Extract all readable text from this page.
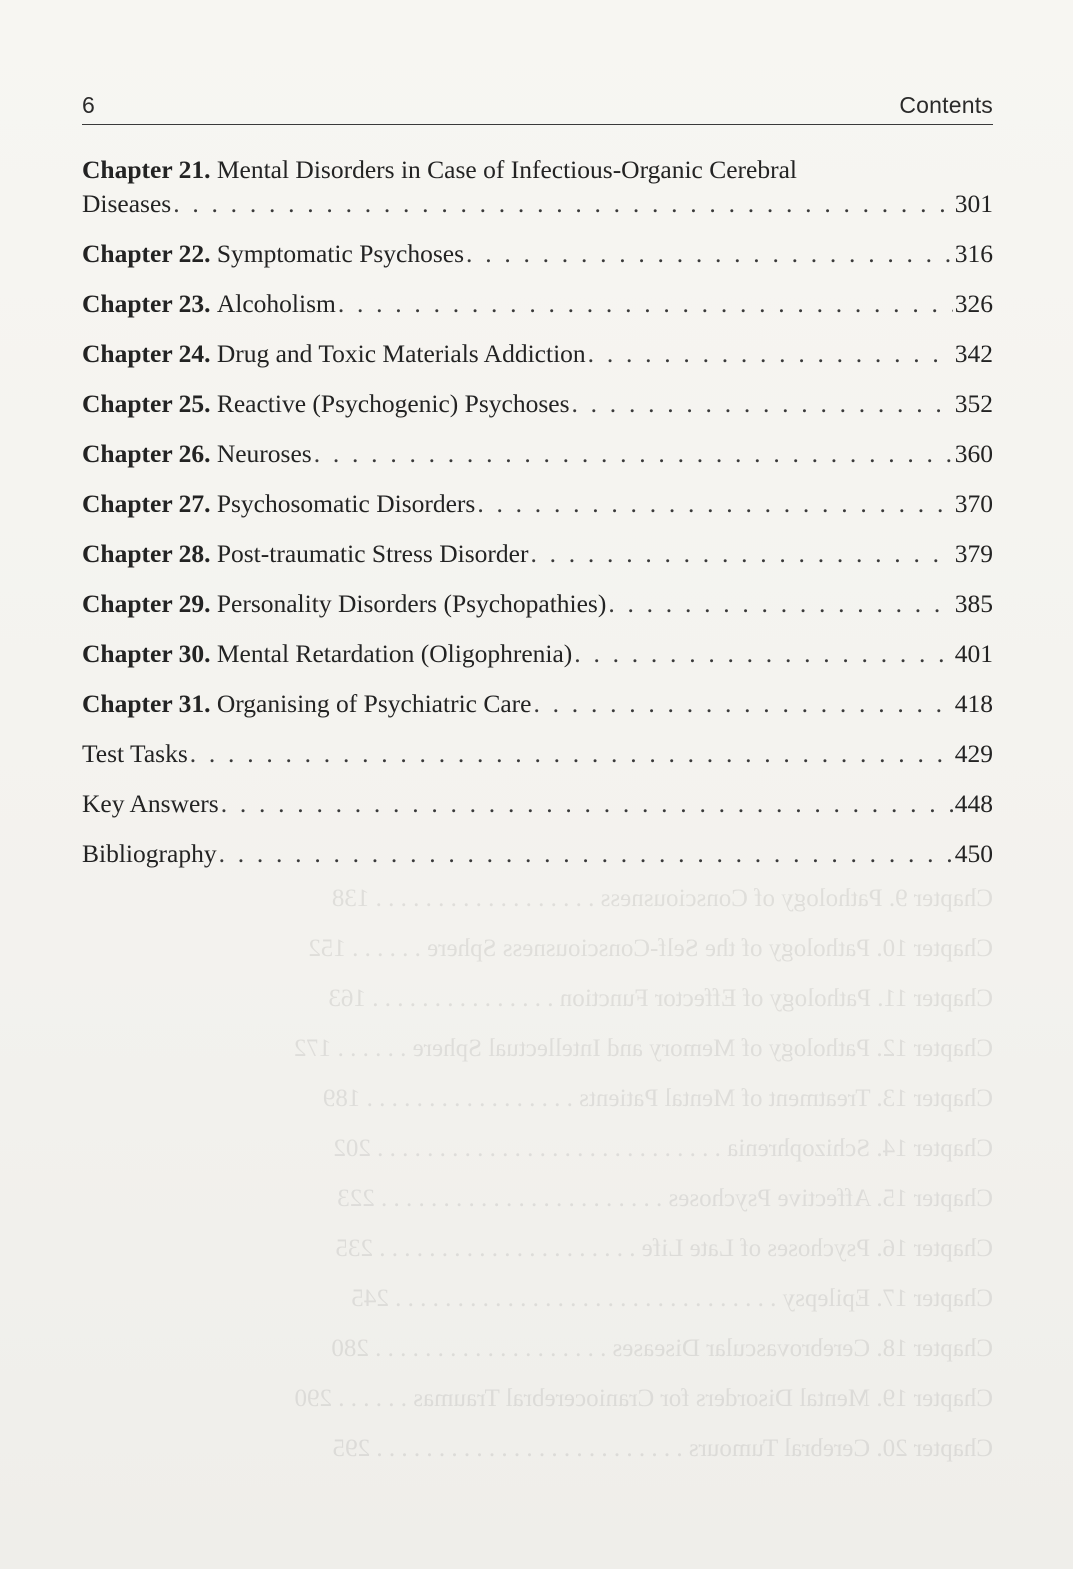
Chapter 9. Pathology of Consciousness . . . . . . . . . . . . . . . . . . 138
Chapter 10. Pathology of the Self-Consciousness Sphere . . . . . . 152
Chapter 11. Pathology of Effector Function . . . . . . . . . . . . . . . 163
Chapter 12. Pathology of Memory and Intellectual Sphere . . . . . . 172
Chapter 13. Treatment of Mental Patients . . . . . . . . . . . . . . . . . 189
Chapter 14. Schizophrenia . . . . . . . . . . . . . . . . . . . . . . . . . . . . 202
Chapter 15. Affective Psychoses . . . . . . . . . . . . . . . . . . . . . . . 223
Chapter 16. Psychoses of Late Life . . . . . . . . . . . . . . . . . . . . . 235
Chapter 17. Epilepsy . . . . . . . . . . . . . . . . . . . . . . . . . . . . . . . 245
Chapter 18. Cerebrovascular Diseases . . . . . . . . . . . . . . . . . . . 280
Chapter 19. Mental Disorders for Craniocerebral Traumas . . . . . . 290
Chapter 20. Cerebral Tumours . . . . . . . . . . . . . . . . . . . . . . . . . 295
6	Contents
Chapter 21.
Mental Disorders in Case of Infectious-Organic Cerebral
Diseases . . .	301
Chapter 22.
Symptomatic Psychoses . . .	316
Chapter 23.
Alcoholism . . .	326
Chapter 24.
Drug and Toxic Materials Addiction . . .	342
Chapter 25.
Reactive (Psychogenic) Psychoses . . .	352
Chapter 26.
Neuroses . . .	360
Chapter 27.
Psychosomatic Disorders . . .	370
Chapter 28.
Post-traumatic Stress Disorder . . .	379
Chapter 29.
Personality Disorders (Psychopathies) . . .	385
Chapter 30.
Mental Retardation (Oligophrenia) . . .	401
Chapter 31.
Organising of Psychiatric Care . . .	418
Test Tasks . . .	429
Key Answers . . .	448
Bibliography . . .	450
